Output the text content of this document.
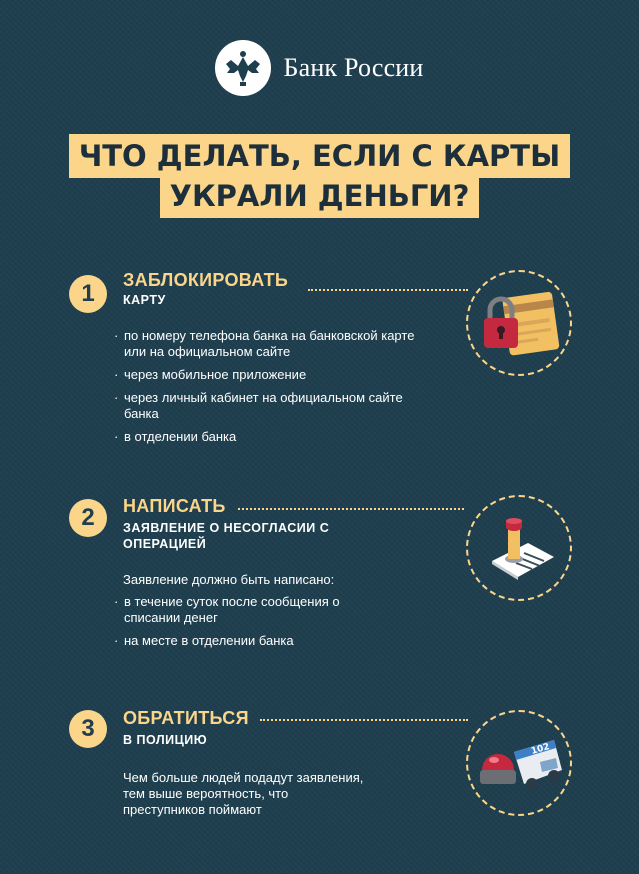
Банк России
ЧТО ДЕЛАТЬ, ЕСЛИ С КАРТЫ
УКРАЛИ ДЕНЬГИ?
1	ЗАБЛОКИРОВАТЬ
КАРТУ
· по номеру телефона банка на банковской карте или на официальном сайте
· через мобильное приложение
· через личный кабинет на официальном сайте банка
· в отделении банка
2	НАПИСАТЬ
ЗАЯВЛЕНИЕ О НЕСОГЛАСИИ С ОПЕРАЦИЕЙ
Заявление должно быть написано:
· в течение суток после сообщения о списании денег
· на месте в отделении банка
3	ОБРАТИТЬСЯ
В ПОЛИЦИЮ
Чем больше людей подадут заявления, тем выше вероятность, что преступников поймают
102
